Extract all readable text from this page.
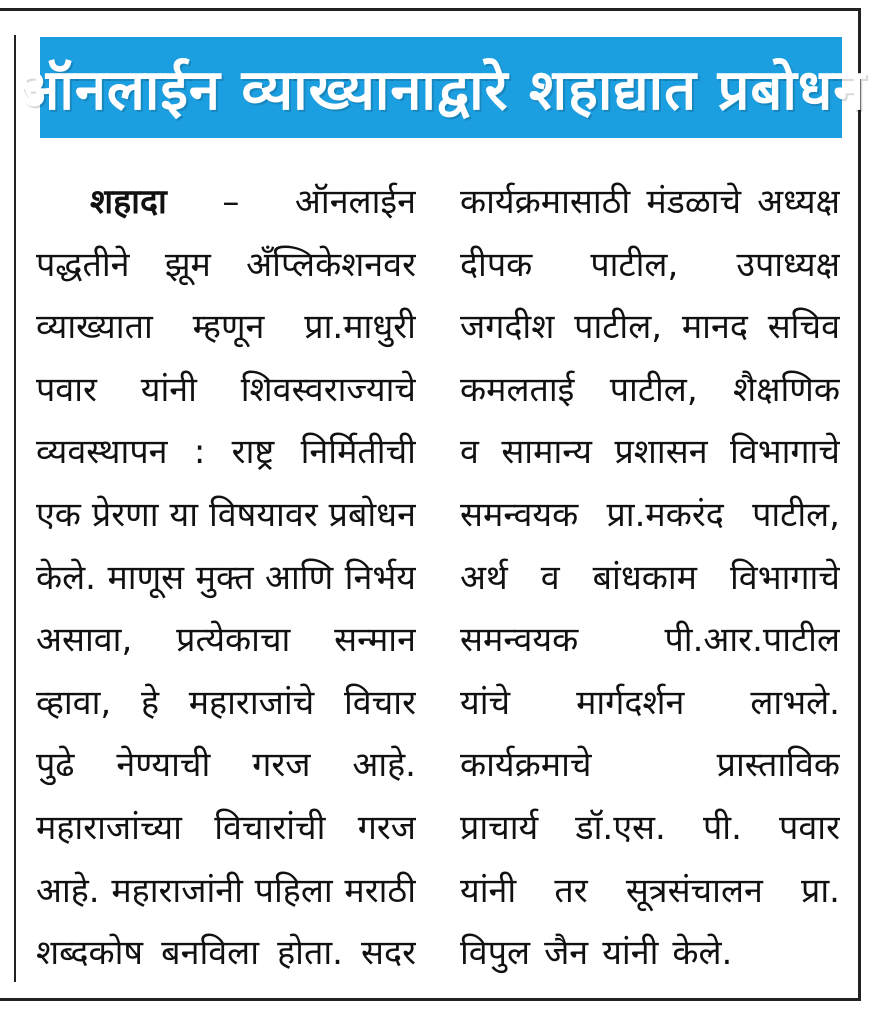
ऑनलाईन व्याख्यानाद्वारे शहाद्यात प्रबोधन
शहादा – ऑनलाईन
पद्धतीने झूम अँप्लिकेशनवर
व्याख्याता म्हणून प्रा.माधुरी
पवार यांनी शिवस्वराज्याचे
व्यवस्थापन : राष्ट्र निर्मितीची
एक प्रेरणा या विषयावर प्रबोधन
केले. माणूस मुक्त आणि निर्भय
असावा, प्रत्येकाचा सन्मान
व्हावा, हे महाराजांचे विचार
पुढे नेण्याची गरज आहे.
महाराजांच्या विचारांची गरज
आहे. महाराजांनी पहिला मराठी
शब्दकोष बनविला होता. सदर
कार्यक्रमासाठी मंडळाचे अध्यक्ष
दीपक पाटील, उपाध्यक्ष
जगदीश पाटील, मानद सचिव
कमलताई पाटील, शैक्षणिक
व सामान्य प्रशासन विभागाचे
समन्वयक प्रा.मकरंद पाटील,
अर्थ व बांधकाम विभागाचे
समन्वयक	पी.आर.पाटील
यांचे मार्गदर्शन लाभले.
कार्यक्रमाचे	प्रास्ताविक
प्राचार्य डॉ.एस. पी. पवार
यांनी तर सूत्रसंचालन प्रा.
विपुल जैन यांनी केले.
